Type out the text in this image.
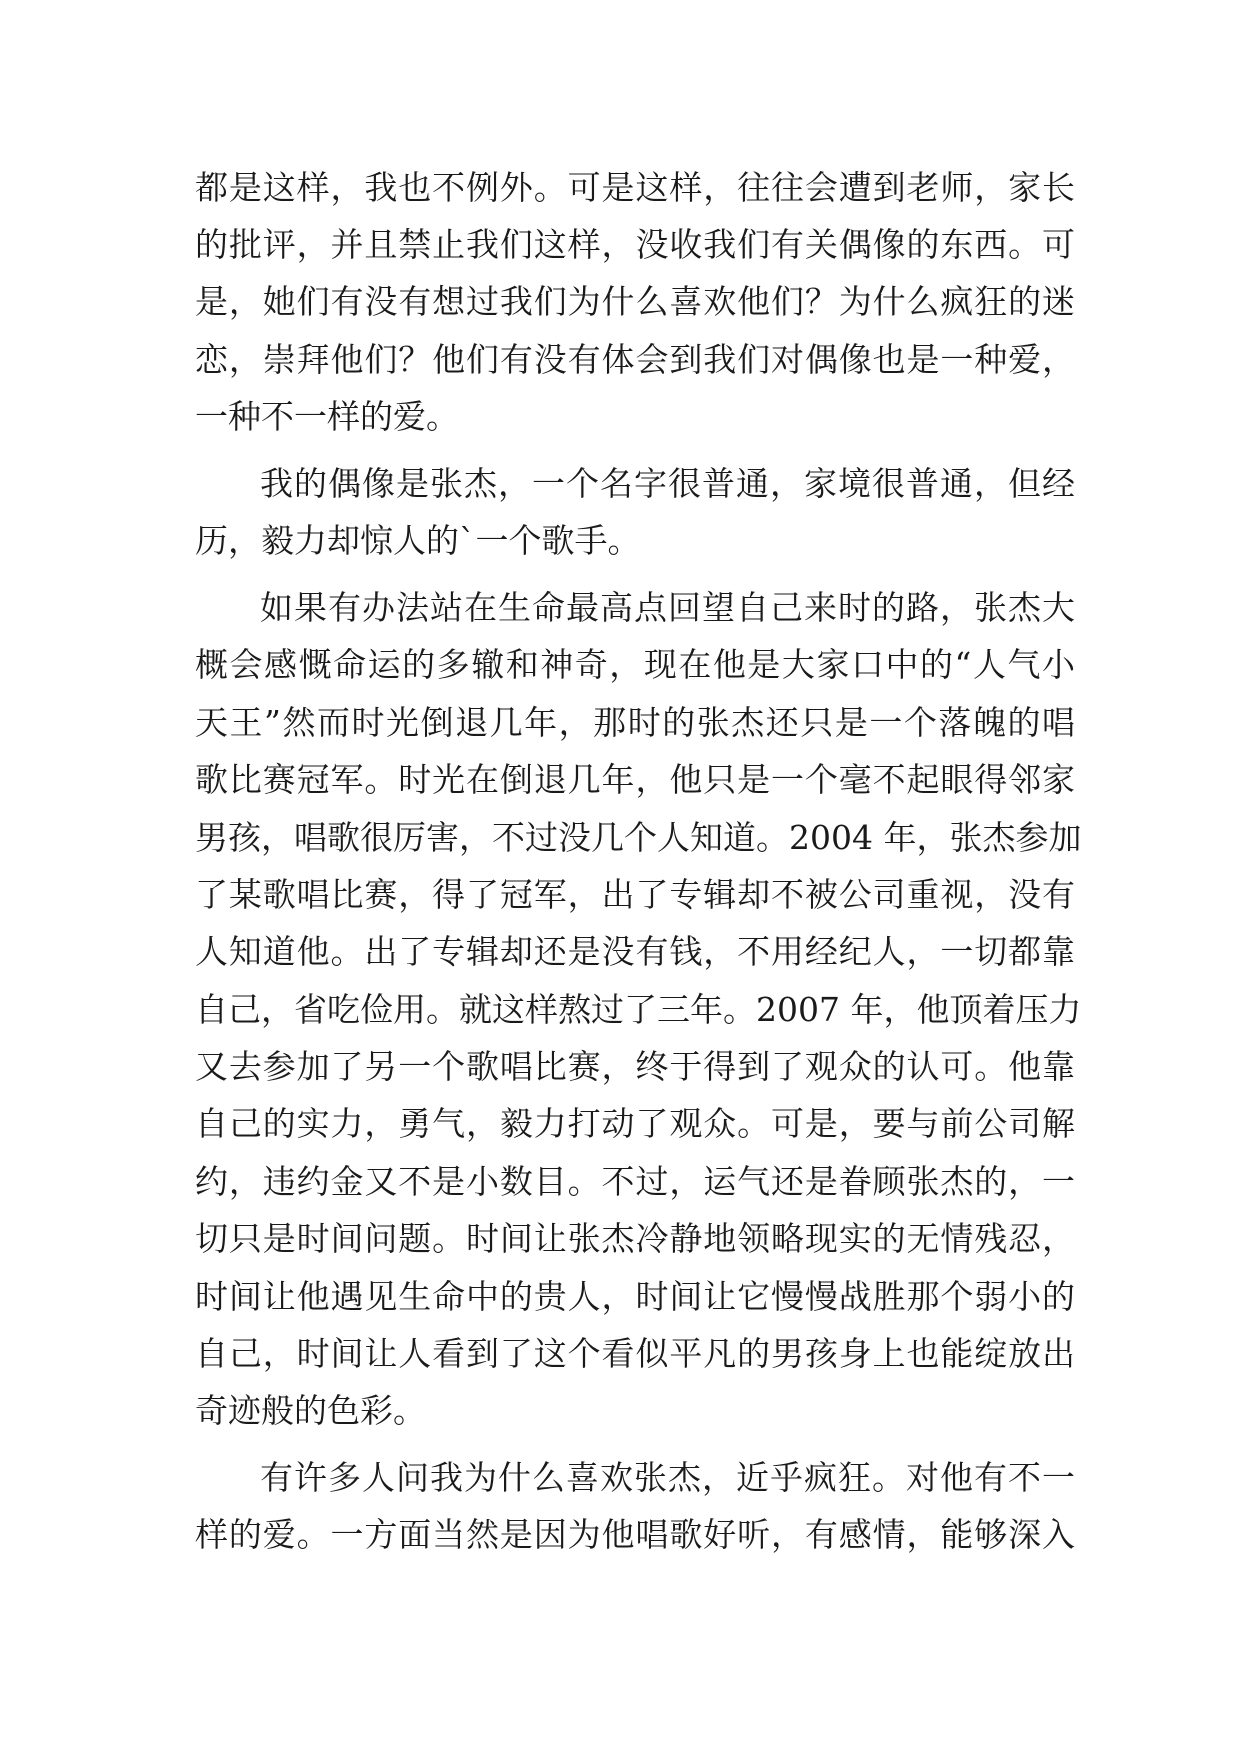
都是这样，我也不例外。可是这样，往往会遭到老师，家长
的批评，并且禁止我们这样，没收我们有关偶像的东西。可
是，她们有没有想过我们为什么喜欢他们？为什么疯狂的迷
恋，崇拜他们？他们有没有体会到我们对偶像也是一种爱，
一种不一样的爱。
我的偶像是张杰，一个名字很普通，家境很普通，但经
历，毅力却惊人的`一个歌手。
如果有办法站在生命最高点回望自己来时的路，张杰大
概会感慨命运的多辙和神奇，现在他是大家口中的“人气小
天王”然而时光倒退几年，那时的张杰还只是一个落魄的唱
歌比赛冠军。时光在倒退几年，他只是一个毫不起眼得邻家
男孩，唱歌很厉害，不过没几个人知道。2004 年，张杰参加
了某歌唱比赛，得了冠军，出了专辑却不被公司重视，没有
人知道他。出了专辑却还是没有钱，不用经纪人，一切都靠
自己，省吃俭用。就这样熬过了三年。2007 年，他顶着压力
又去参加了另一个歌唱比赛，终于得到了观众的认可。他靠
自己的实力，勇气，毅力打动了观众。可是，要与前公司解
约，违约金又不是小数目。不过，运气还是眷顾张杰的，一
切只是时间问题。时间让张杰冷静地领略现实的无情残忍，
时间让他遇见生命中的贵人，时间让它慢慢战胜那个弱小的
自己，时间让人看到了这个看似平凡的男孩身上也能绽放出
奇迹般的色彩。
有许多人问我为什么喜欢张杰，近乎疯狂。对他有不一
样的爱。一方面当然是因为他唱歌好听，有感情，能够深入
